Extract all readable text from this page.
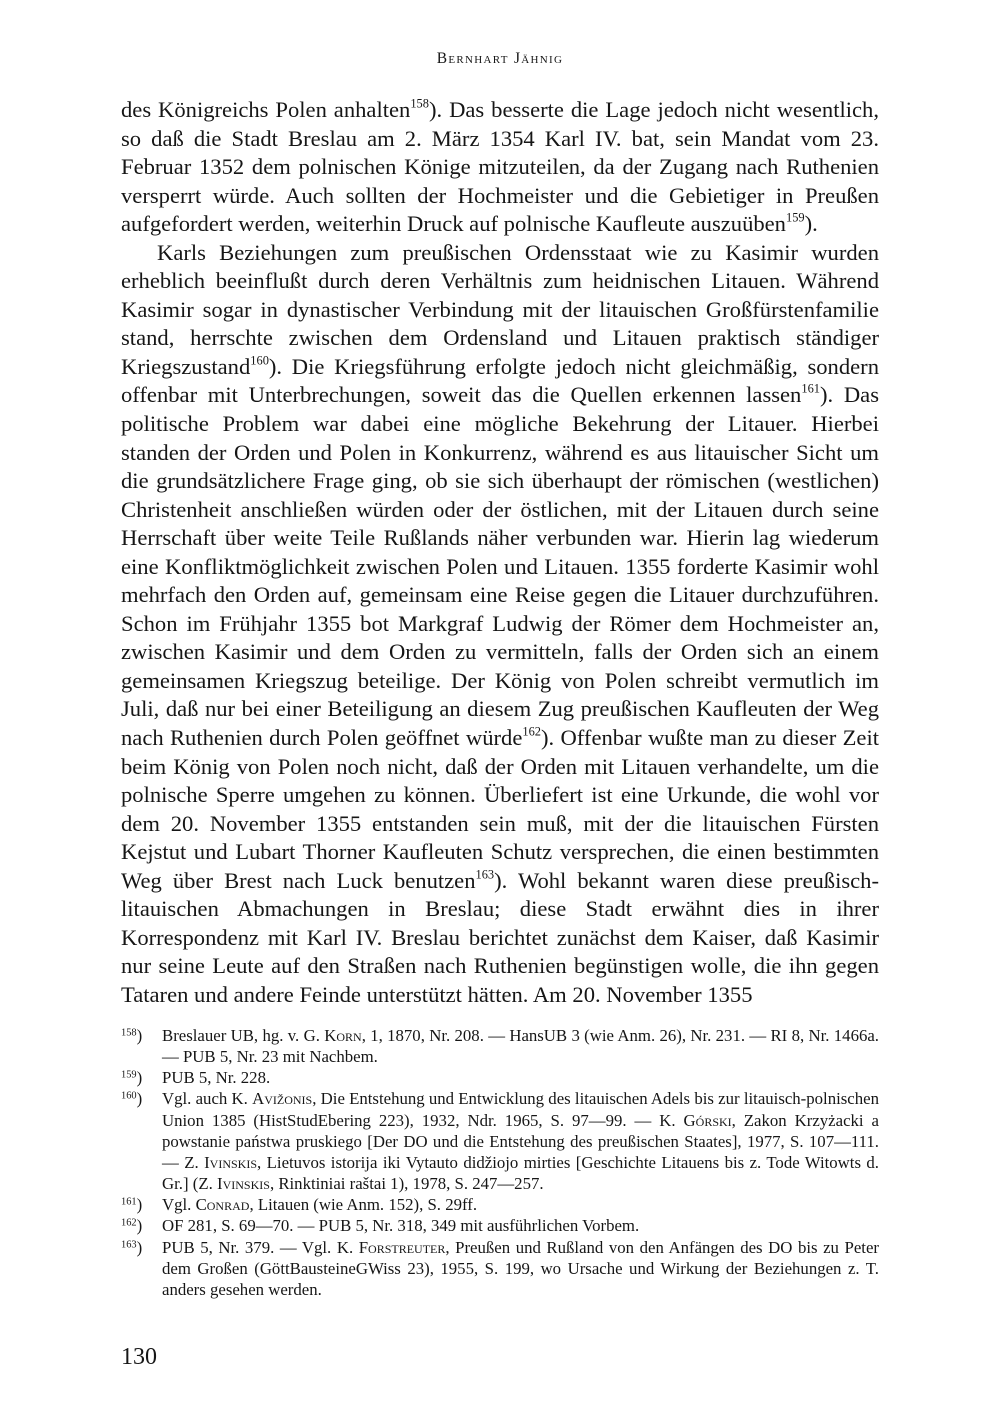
Bernhart Jähnig

des Königreichs Polen anhalten$^{158}$). Das besserte die Lage jedoch nicht wesentlich, so daß die Stadt Breslau am 2. März 1354 Karl IV. bat, sein Mandat vom 23. Februar 1352 dem polnischen Könige mitzuteilen, da der Zugang nach Ruthenien versperrt würde. Auch sollten der Hochmeister und die Gebietiger in Preußen aufgefordert werden, weiterhin Druck auf polnische Kaufleute auszuüben$^{159}$).

Karls Beziehungen zum preußischen Ordensstaat wie zu Kasimir wurden erheblich beeinflußt durch deren Verhältnis zum heidnischen Litauen. Während Kasimir sogar in dynastischer Verbindung mit der litauischen Großfürstenfamilie stand, herrschte zwischen dem Ordensland und Litauen praktisch ständiger Kriegszustand$^{160}$). Die Kriegsführung erfolgte jedoch nicht gleichmäßig, sondern offenbar mit Unterbrechungen, soweit das die Quellen erkennen lassen$^{161}$). Das politische Problem war dabei eine mögliche Bekehrung der Litauer. Hierbei standen der Orden und Polen in Konkurrenz, während es aus litauischer Sicht um die grundsätzlichere Frage ging, ob sie sich überhaupt der römischen (westlichen) Christenheit anschließen würden oder der östlichen, mit der Litauen durch seine Herrschaft über weite Teile Rußlands näher verbunden war. Hierin lag wiederum eine Konfliktmöglichkeit zwischen Polen und Litauen. 1355 forderte Kasimir wohl mehrfach den Orden auf, gemeinsam eine Reise gegen die Litauer durchzuführen. Schon im Frühjahr 1355 bot Markgraf Ludwig der Römer dem Hochmeister an, zwischen Kasimir und dem Orden zu vermitteln, falls der Orden sich an einem gemeinsamen Kriegszug beteilige. Der König von Polen schreibt vermutlich im Juli, daß nur bei einer Beteiligung an diesem Zug preußischen Kaufleuten der Weg nach Ruthenien durch Polen geöffnet würde$^{162}$). Offenbar wußte man zu dieser Zeit beim König von Polen noch nicht, daß der Orden mit Litauen verhandelte, um die polnische Sperre umgehen zu können. Überliefert ist eine Urkunde, die wohl vor dem 20. November 1355 entstanden sein muß, mit der die litauischen Fürsten Kejstut und Lubart Thorner Kaufleuten Schutz versprechen, die einen bestimmten Weg über Brest nach Luck benutzen$^{163}$). Wohl bekannt waren diese preußisch-litauischen Abmachungen in Breslau; diese Stadt erwähnt dies in ihrer Korrespondenz mit Karl IV. Breslau berichtet zunächst dem Kaiser, daß Kasimir nur seine Leute auf den Straßen nach Ruthenien begünstigen wolle, die ihn gegen Tataren und andere Feinde unterstützt hätten. Am 20. November 1355

$^{158}$) Breslauer UB, hg. v. G. Korn, 1, 1870, Nr. 208. — HansUB 3 (wie Anm. 26), Nr. 231. — RI 8, Nr. 1466a. — PUB 5, Nr. 23 mit Nachbem.

$^{159}$) PUB 5, Nr. 228.

$^{160}$) Vgl. auch K. Avižonis, Die Entstehung und Entwicklung des litauischen Adels bis zur litauisch-polnischen Union 1385 (HistStudEbering 223), 1932, Ndr. 1965, S. 97—99. — K. Górski, Zakon Krzyżacki a powstanie państwa pruskiego [Der DO und die Entstehung des preußischen Staates], 1977, S. 107—111. — Z. Ivinskis, Lietuvos istorija iki Vytauto didžiojo mirties [Geschichte Litauens bis z. Tode Witowts d. Gr.] (Z. Ivinskis, Rinktiniai raštai 1), 1978, S. 247—257.

$^{161}$) Vgl. Conrad, Litauen (wie Anm. 152), S. 29ff.

$^{162}$) OF 281, S. 69—70. — PUB 5, Nr. 318, 349 mit ausführlichen Vorbem.

$^{163}$) PUB 5, Nr. 379. — Vgl. K. Forstreuter, Preußen und Rußland von den Anfängen des DO bis zu Peter dem Großen (GöttBausteineGWiss 23), 1955, S. 199, wo Ursache und Wirkung der Beziehungen z. T. anders gesehen werden.

130
